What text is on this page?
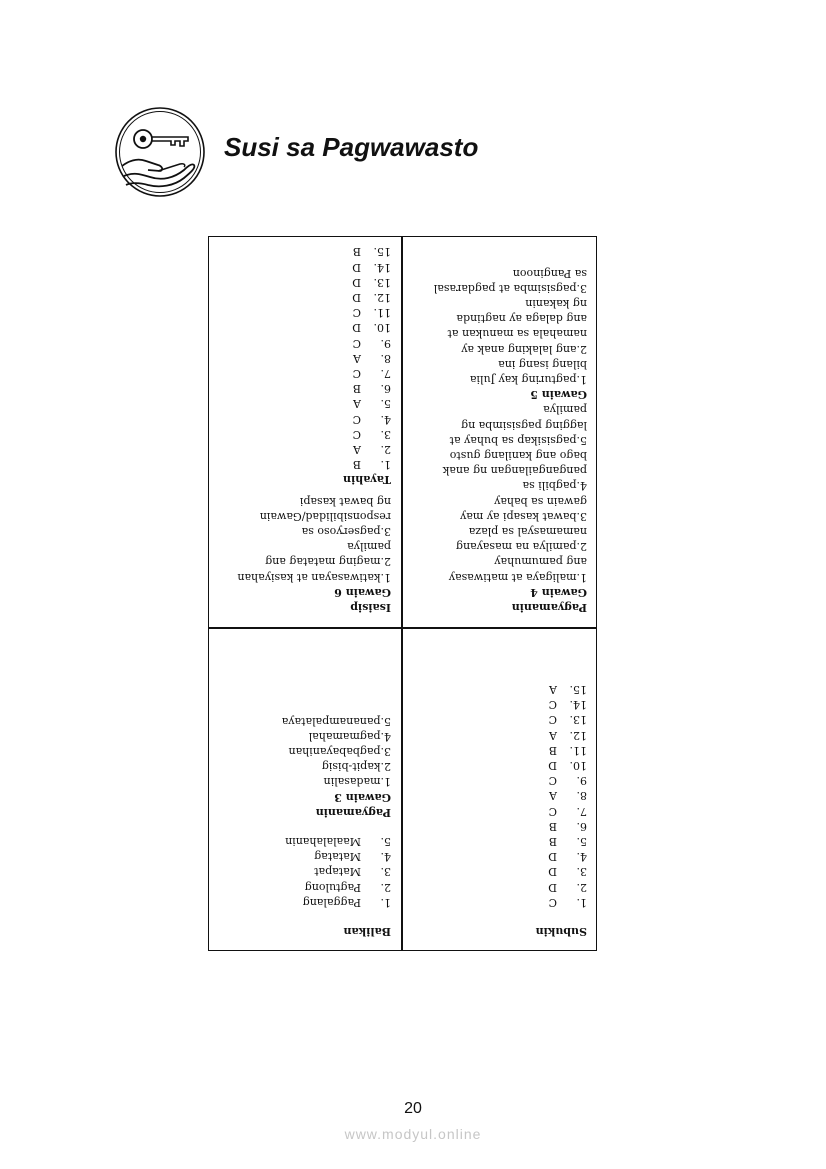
Susi sa Pagwawasto

Subukin

1.C
2.D
3.D
4.D
5.B
6.B
7.C
8.A
9.C
10.D
11.B
12.A
13.C
14.C
15.A

Balikan

1.Paggalang
2.Pagtulong
3.Matapat
4.Matatag
5.Maalalahanin

Pagyamanin

Gawain 3

1.madasalin
2.kapit-bisig
3.pagbabayanihan
4.pagmamahal
5.pananampalataya

Pagyamanin

Gawain 4

1.maligaya at matiwasay
ang pamumuhay
2.pamilya na masayang
namamasyal sa plaza
3.bawat kasapi ay may
gawain sa bahay
4.pagbili sa
pangangailangan ng anak
bago ang kanilang gusto
5.pagsisikap sa buhay at
lagging pagsisimba ng
pamilya

Gawain 5

1.pagturing kay Julia
bilang isang ina
2.ang lalaking anak ay
namahala sa manukan at
ang dalaga ay nagtinda
ng kakanin
3.pagsisimba at pagdarasal
sa Panginoon

Isaisip

Gawain 6

1.katiwasayan at kasiyahan
2.maging matatag ang
pamilya
3.pagseryoso sa
responsibilidad/Gawain
ng bawat kasapi

Tayahin

1.B
2.A
3.C
4.C
5.A
6.B
7.C
8.A
9.C
10.D
11.C
12.D
13.D
14.D
15.B
20
www.modyul.online
